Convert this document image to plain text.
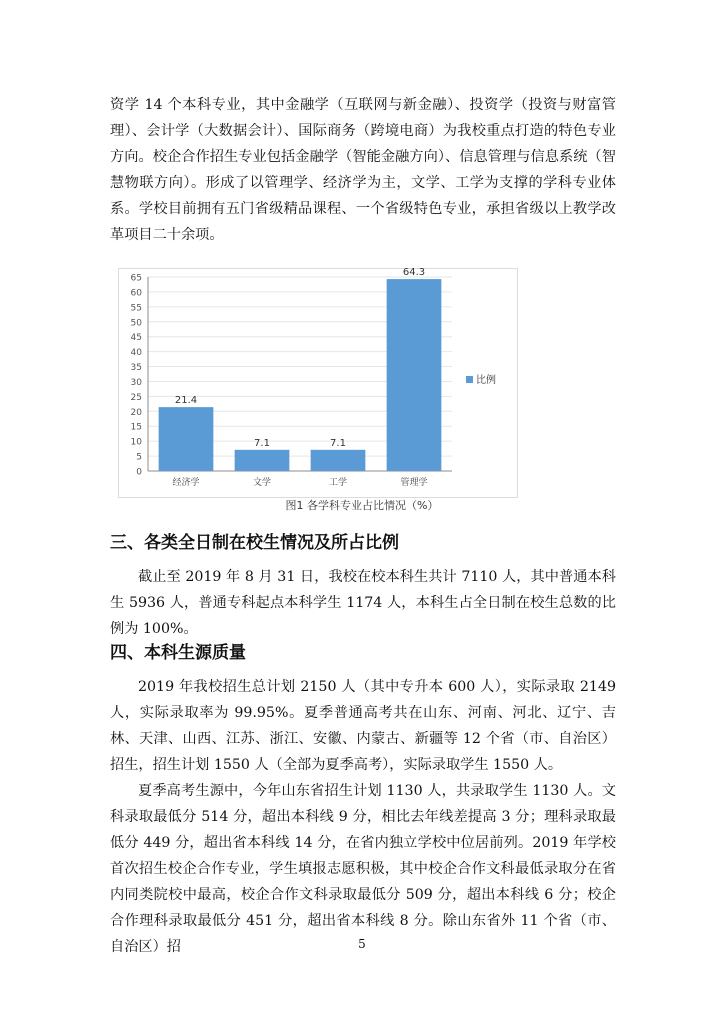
资学 14 个本科专业，其中金融学（互联网与新金融）、投资学（投资与财富管理）、会计学（大数据会计）、国际商务（跨境电商）为我校重点打造的特色专业方向。校企合作招生专业包括金融学（智能金融方向）、信息管理与信息系统（智慧物联方向）。形成了以管理学、经济学为主，文学、工学为支撑的学科专业体系。学校目前拥有五门省级精品课程、一个省级特色专业，承担省级以上教学改革项目二十余项。

0
5
10
15
20
25
30
35
40
45
50
55
60
65
21.4
7.1	7.1
64.3
经济学	文学	工学	管理学
比例
图1 各学科专业占比情况（%）
三、各类全日制在校生情况及所占比例

截止至 2019 年 8 月 31 日，我校在校本科生共计 7110 人，其中普通本科生 5936 人，普通专科起点本科学生 1174 人，本科生占全日制在校生总数的比例为 100%。

四、本科生源质量

2019 年我校招生总计划 2150 人（其中专升本 600 人），实际录取 2149 人，实际录取率为 99.95%。夏季普通高考共在山东、河南、河北、辽宁、吉林、天津、山西、江苏、浙江、安徽、内蒙古、新疆等 12 个省（市、自治区）招生，招生计划 1550 人（全部为夏季高考），实际录取学生 1550 人。

夏季高考生源中，今年山东省招生计划 1130 人，共录取学生 1130 人。文科录取最低分 514 分，超出本科线 9 分，相比去年线差提高 3 分；理科录取最低分 449 分，超出省本科线 14 分，在省内独立学校中位居前列。2019 年学校首次招生校企合作专业，学生填报志愿积极，其中校企合作文科最低录取分在省内同类院校中最高，校企合作文科录取最低分 509 分，超出本科线 6 分；校企合作理科录取最低分 451 分，超出省本科线 8 分。除山东省外 11 个省（市、自治区）招	5
